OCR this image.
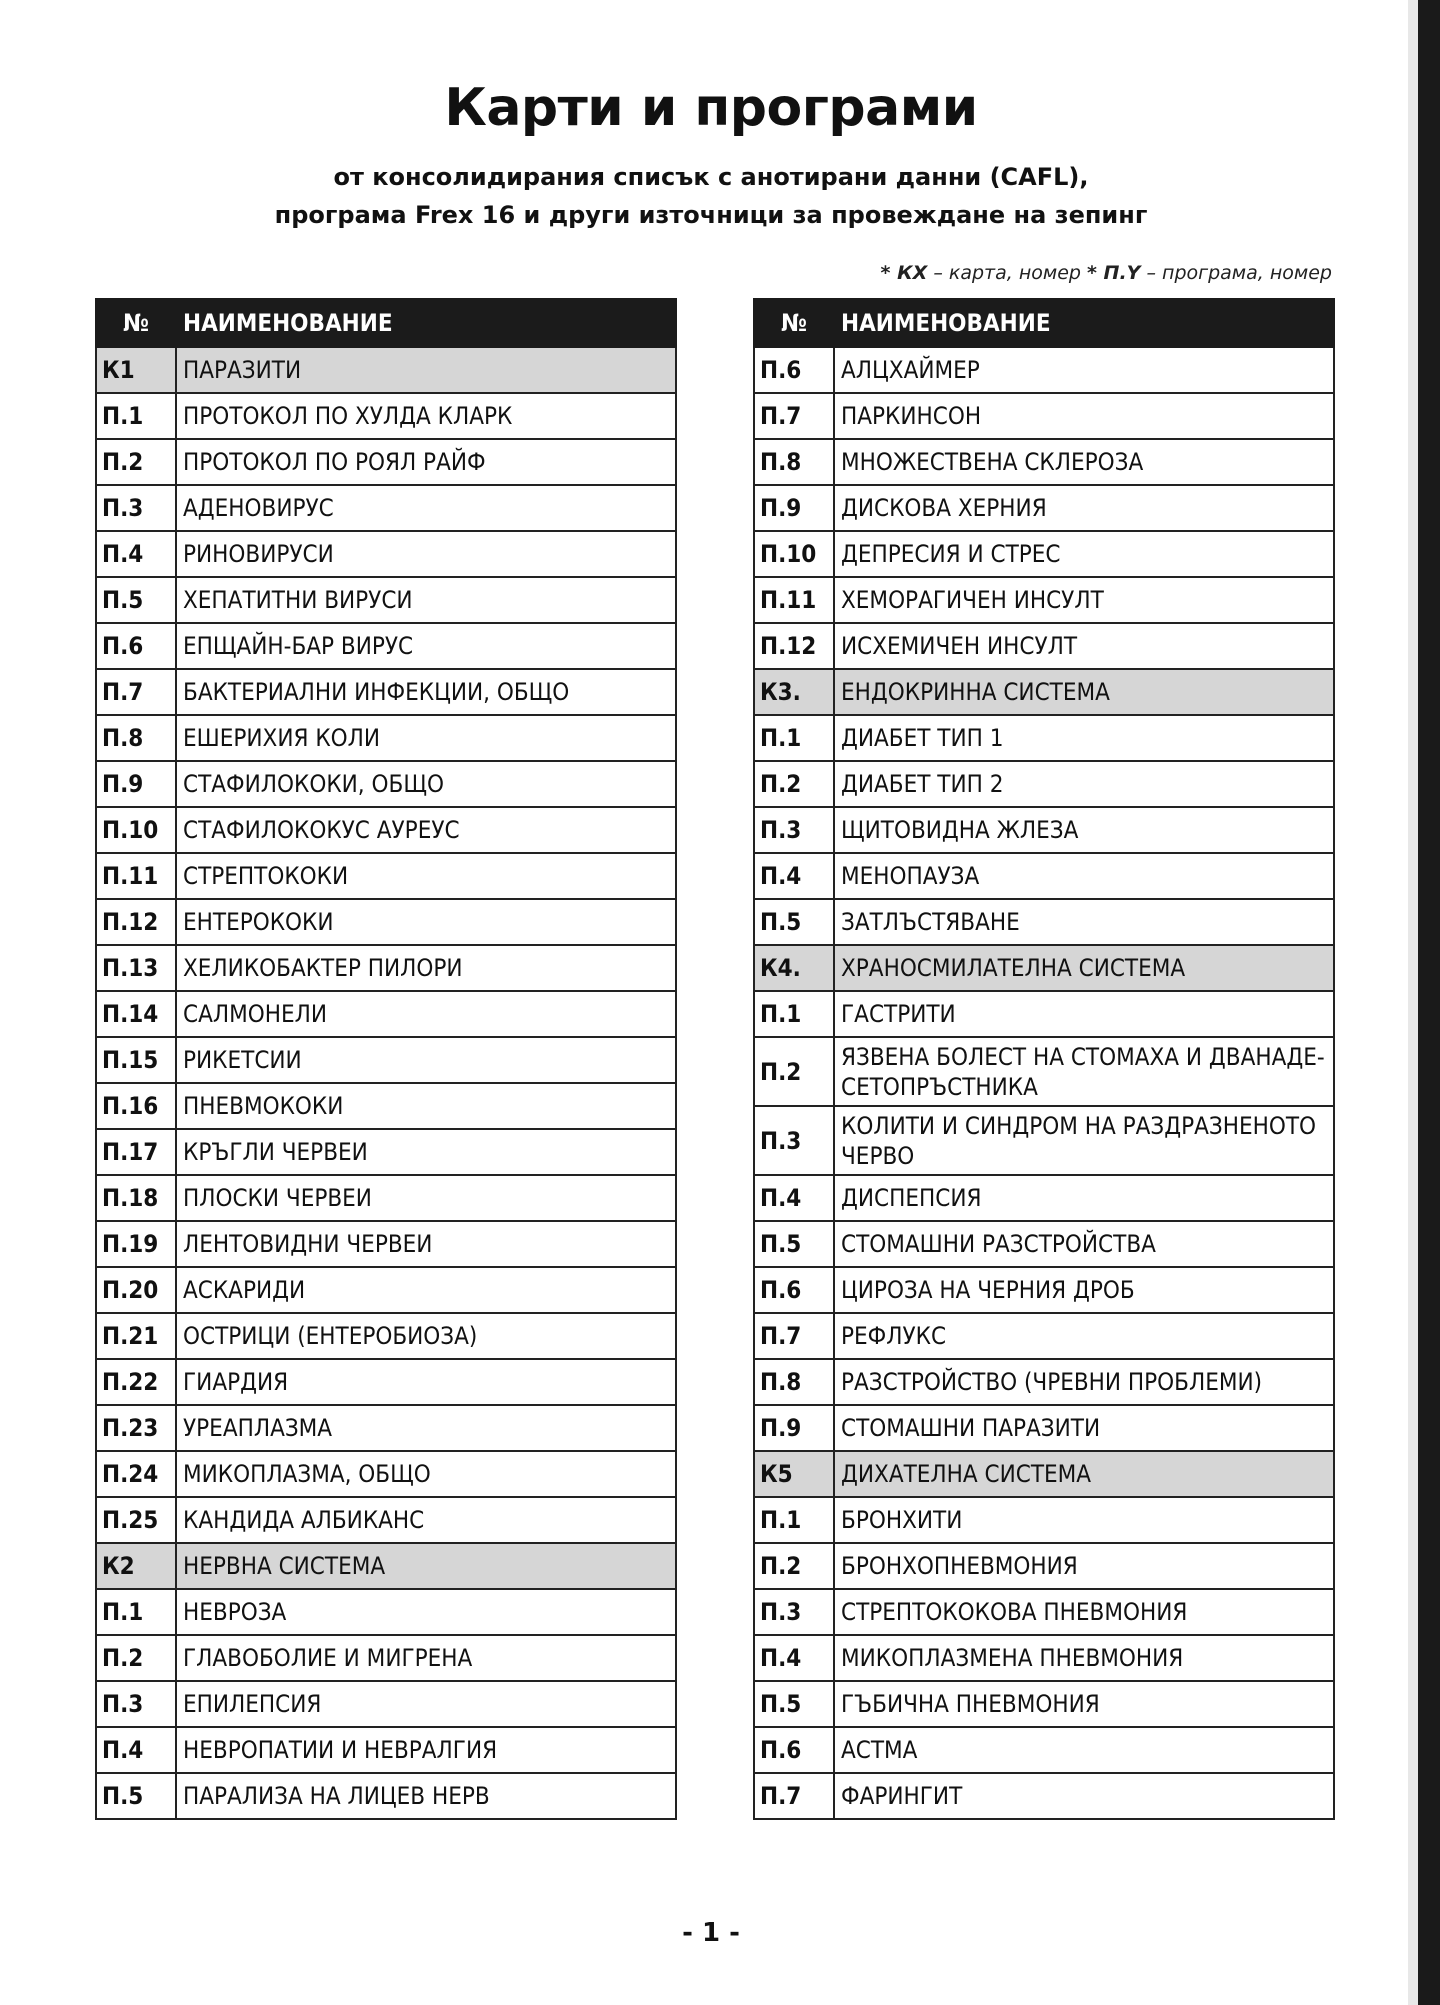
Карти и програми
от консолидирания списък с анотирани данни (CAFL),
програма Frex 16 и други източници за провеждане на зепинг
* КХ – карта, номер * П.Y – програма, номер
№	НАИМЕНОВАНИЕ
К1	ПАРАЗИТИ
П.1	ПРОТОКОЛ ПО ХУЛДА КЛАРК
П.2	ПРОТОКОЛ ПО РОЯЛ РАЙФ
П.3	АДЕНОВИРУС
П.4	РИНОВИРУСИ
П.5	ХЕПАТИТНИ ВИРУСИ
П.6	ЕПЩАЙН-БАР ВИРУС
П.7	БАКТЕРИАЛНИ ИНФЕКЦИИ, ОБЩО
П.8	ЕШЕРИХИЯ КОЛИ
П.9	СТАФИЛОКОКИ, ОБЩО
П.10	СТАФИЛОКОКУС АУРЕУС
П.11	СТРЕПТОКОКИ
П.12	ЕНТЕРОКОКИ
П.13	ХЕЛИКОБАКТЕР ПИЛОРИ
П.14	САЛМОНЕЛИ
П.15	РИКЕТСИИ
П.16	ПНЕВМОКОКИ
П.17	КРЪГЛИ ЧЕРВЕИ
П.18	ПЛОСКИ ЧЕРВЕИ
П.19	ЛЕНТОВИДНИ ЧЕРВЕИ
П.20	АСКАРИДИ
П.21	ОСТРИЦИ (ЕНТЕРОБИОЗА)
П.22	ГИАРДИЯ
П.23	УРЕАПЛАЗМА
П.24	МИКОПЛАЗМА, ОБЩО
П.25	КАНДИДА АЛБИКАНС
К2	НЕРВНА СИСТЕМА
П.1	НЕВРОЗА
П.2	ГЛАВОБОЛИЕ И МИГРЕНА
П.3	ЕПИЛЕПСИЯ
П.4	НЕВРОПАТИИ И НЕВРАЛГИЯ
П.5	ПАРАЛИЗА НА ЛИЦЕВ НЕРВ
№	НАИМЕНОВАНИЕ
П.6	АЛЦХАЙМЕР
П.7	ПАРКИНСОН
П.8	МНОЖЕСТВЕНА СКЛЕРОЗА
П.9	ДИСКОВА ХЕРНИЯ
П.10	ДЕПРЕСИЯ И СТРЕС
П.11	ХЕМОРАГИЧЕН ИНСУЛТ
П.12	ИСХЕМИЧЕН ИНСУЛТ
К3.	ЕНДОКРИННА СИСТЕМА
П.1	ДИАБЕТ ТИП 1
П.2	ДИАБЕТ ТИП 2
П.3	ЩИТОВИДНА ЖЛЕЗА
П.4	МЕНОПАУЗА
П.5	ЗАТЛЪСТЯВАНЕ
К4.	ХРАНОСМИЛАТЕЛНА СИСТЕМА
П.1	ГАСТРИТИ
П.2	ЯЗВЕНА БОЛЕСТ НА СТОМАХА И ДВАНАДЕ-СЕТОПРЪСТНИКА
П.3	КОЛИТИ И СИНДРОМ НА РАЗДРАЗНЕНОТО ЧЕРВО
П.4	ДИСПЕПСИЯ
П.5	СТОМАШНИ РАЗСТРОЙСТВА
П.6	ЦИРОЗА НА ЧЕРНИЯ ДРОБ
П.7	РЕФЛУКС
П.8	РАЗСТРОЙСТВО (ЧРЕВНИ ПРОБЛЕМИ)
П.9	СТОМАШНИ ПАРАЗИТИ
К5	ДИХАТЕЛНА СИСТЕМА
П.1	БРОНХИТИ
П.2	БРОНХОПНЕВМОНИЯ
П.3	СТРЕПТОКОКОВА ПНЕВМОНИЯ
П.4	МИКОПЛАЗМЕНА ПНЕВМОНИЯ
П.5	ГЪБИЧНА ПНЕВМОНИЯ
П.6	АСТМА
П.7	ФАРИНГИТ
- 1 -
